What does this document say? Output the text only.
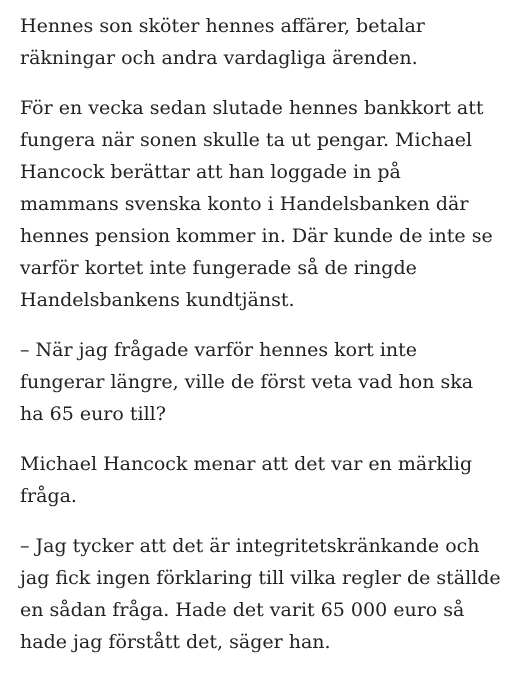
Hennes son sköter hennes affärer, betalar räkningar och andra vardagliga ärenden.

För en vecka sedan slutade hennes bankkort att fungera när sonen skulle ta ut pengar. Michael Hancock berättar att han loggade in på mammans svenska konto i Handelsbanken där hennes pension kommer in. Där kunde de inte se varför kortet inte fungerade så de ringde Handelsbankens kundtjänst.

– När jag frågade varför hennes kort inte fungerar längre, ville de först veta vad hon ska ha 65 euro till?

Michael Hancock menar att det var en märklig fråga.

– Jag tycker att det är integritetskränkande och jag fick ingen förklaring till vilka regler de ställde en sådan fråga. Hade det varit 65 000 euro så hade jag förstått det, säger han.
